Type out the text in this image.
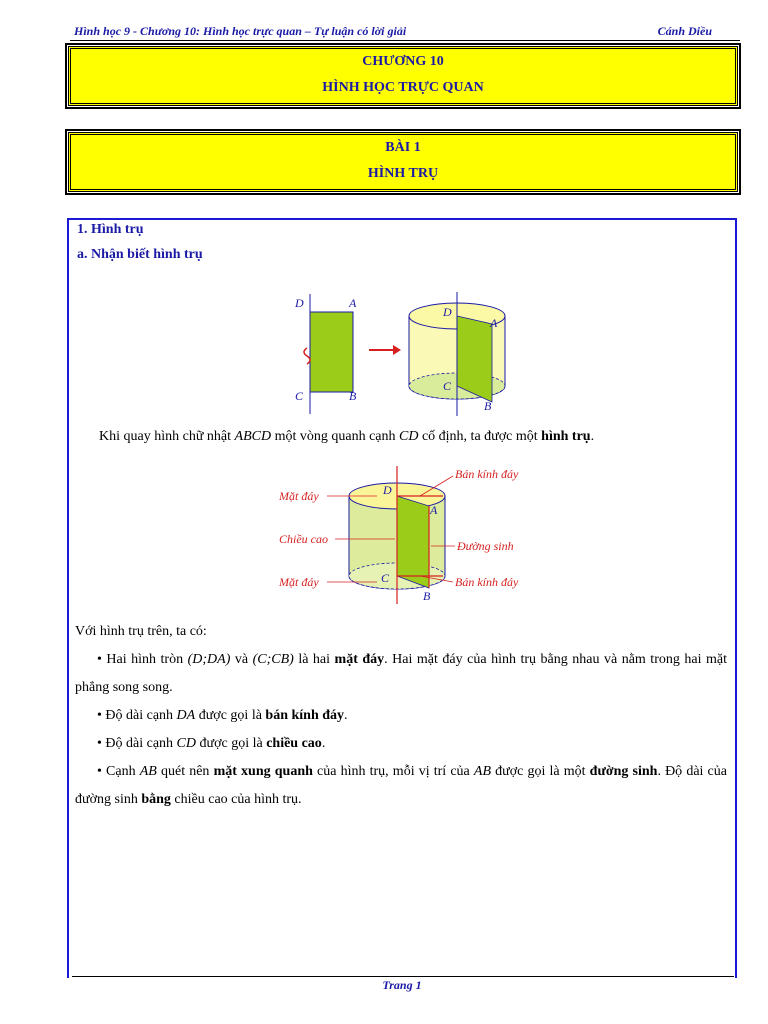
Hình học 9 - Chương 10: Hình học trực quan – Tự luận có lời giải	Cánh Diều
CHƯƠNG 10
HÌNH HỌC TRỰC QUAN
BÀI 1
HÌNH TRỤ
1. Hình trụ
a. Nhận biết hình trụ
D	A
C	B
D
A
C
B
Khi quay hình chữ nhật ABCD một vòng quanh cạnh CD cố định, ta được một hình trụ.
D
A
C
B
Mặt đáy
Chiều cao
Mặt đáy
Bán kính đáy
Đường sinh
Bán kính đáy
Với hình trụ trên, ta có:
• Hai hình tròn (D;DA) và (C;CB) là hai mặt đáy. Hai mặt đáy của hình trụ bằng nhau và nằm trong hai mặt phẳng song song.
• Độ dài cạnh DA được gọi là bán kính đáy.
• Độ dài cạnh CD được gọi là chiều cao.
• Cạnh AB quét nên mặt xung quanh của hình trụ, mỗi vị trí của AB được gọi là một đường sinh. Độ dài của đường sinh bằng chiều cao của hình trụ.
Trang 1
